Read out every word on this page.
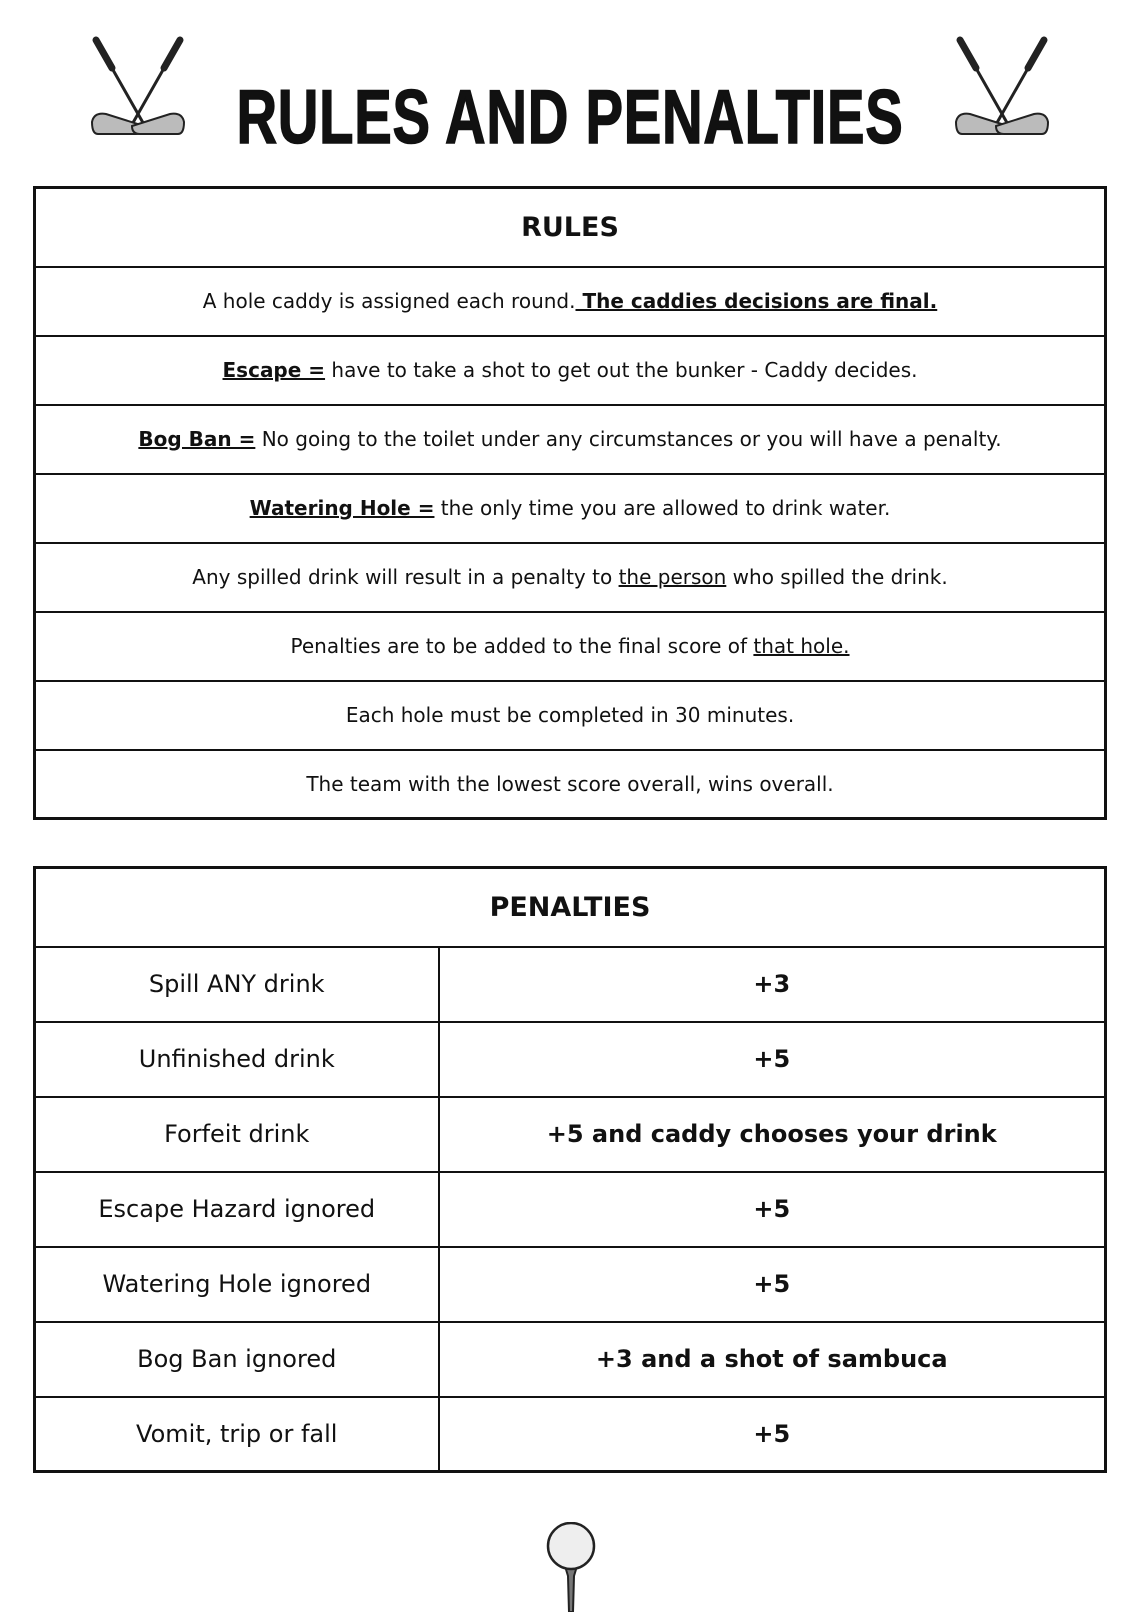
RULES AND PENALTIES
RULES
A hole caddy is assigned each round. The caddies decisions are final.
Escape = have to take a shot to get out the bunker - Caddy decides.
Bog Ban = No going to the toilet under any circumstances or you will have a penalty.
Watering Hole = the only time you are allowed to drink water.
Any spilled drink will result in a penalty to the person who spilled the drink.
Penalties are to be added to the final score of that hole.
Each hole must be completed in 30 minutes.
The team with the lowest score overall, wins overall.
PENALTIES	
Spill ANY drink	+3
Unfinished drink	+5
Forfeit drink	+5 and caddy chooses your drink
Escape Hazard ignored	+5
Watering Hole ignored	+5
Bog Ban ignored	+3 and a shot of sambuca
Vomit, trip or fall	+5
